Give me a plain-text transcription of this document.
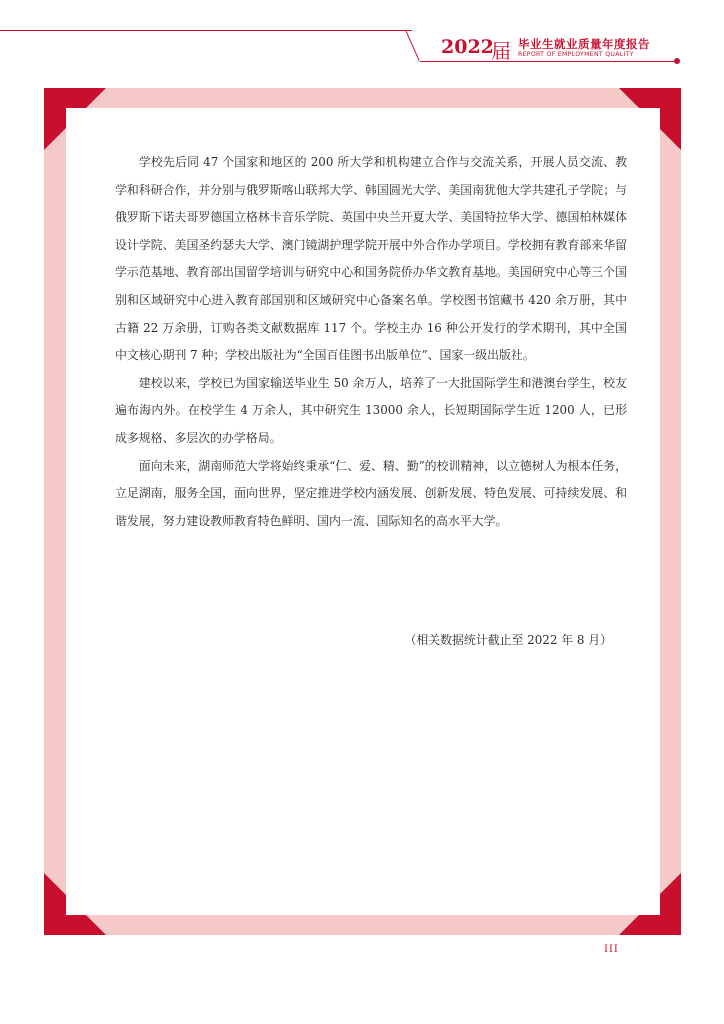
2022
届 毕业生就业质量年度报告
REPORT OF EMPLOYMENT QUALITY

学校先后同 47 个国家和地区的 200 所大学和机构建立合作与交流关系，开展人员交流、教学和科研合作，并分别与俄罗斯喀山联邦大学、韩国圆光大学、美国南犹他大学共建孔子学院；与俄罗斯下诺夫哥罗德国立格林卡音乐学院、英国中央兰开夏大学、美国特拉华大学、德国柏林媒体设计学院、美国圣约瑟夫大学、澳门镜湖护理学院开展中外合作办学项目。学校拥有教育部来华留学示范基地、教育部出国留学培训与研究中心和国务院侨办华文教育基地。美国研究中心等三个国别和区域研究中心进入教育部国别和区域研究中心备案名单。学校图书馆藏书 420 余万册，其中古籍 22 万余册，订购各类文献数据库 117 个。学校主办 16 种公开发行的学术期刊，其中全国中文核心期刊 7 种；学校出版社为“全国百佳图书出版单位”、国家一级出版社。

建校以来，学校已为国家输送毕业生 50 余万人，培养了一大批国际学生和港澳台学生，校友遍布海内外。在校学生 4 万余人，其中研究生 13000 余人，长短期国际学生近 1200 人，已形成多规格、多层次的办学格局。

面向未来，湖南师范大学将始终秉承“仁、爱、精、勤”的校训精神，以立德树人为根本任务，立足湖南，服务全国，面向世界，坚定推进学校内涵发展、创新发展、特色发展、可持续发展、和谐发展，努力建设教师教育特色鲜明、国内一流、国际知名的高水平大学。

（相关数据统计截止至 2022 年 8 月）
III
